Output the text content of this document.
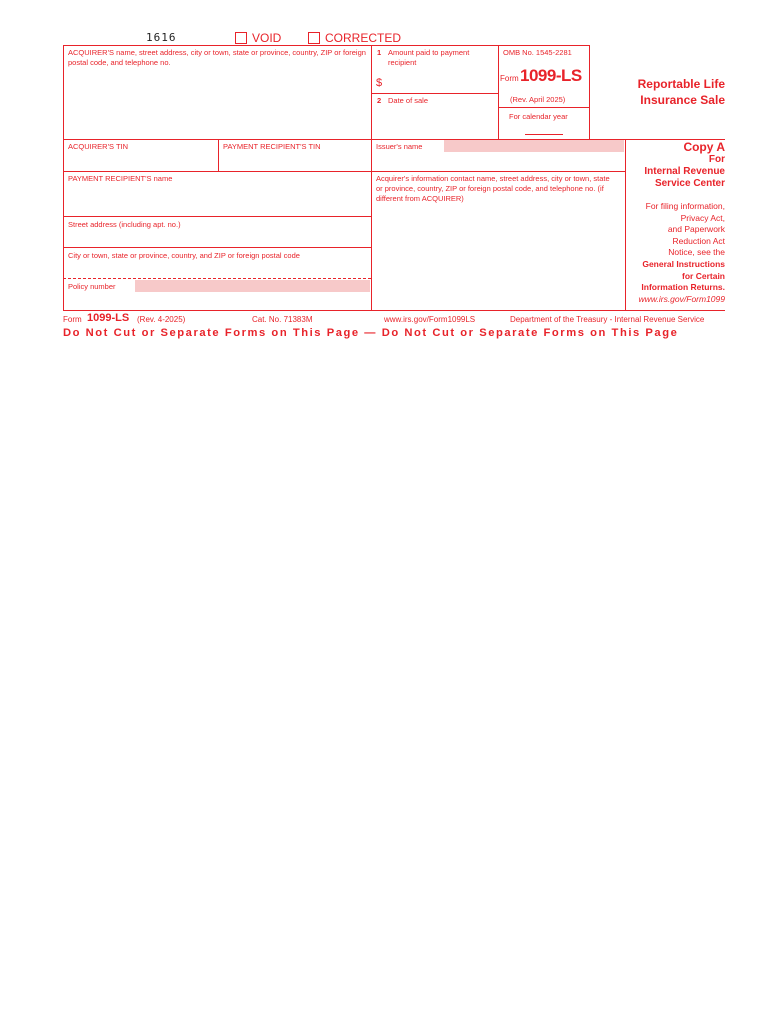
1616	VOID	CORRECTED
ACQUIRER'S name, street address, city or town, state or province, country, ZIP or foreign postal code, and telephone no.
1 Amount paid to payment recipient
$
2 Date of sale
OMB No. 1545-2281
Form 1099-LS
(Rev. April 2025)
For calendar year
Reportable Life
Insurance Sale
ACQUIRER'S TIN	PAYMENT RECIPIENT'S TIN	Issuer's name
PAYMENT RECIPIENT'S name	Acquirer's information contact name, street address, city or town, state or province, country, ZIP or foreign postal code, and telephone no. (if different from ACQUIRER)
Street address (including apt. no.)
City or town, state or province, country, and ZIP or foreign postal code
Policy number
Copy A
For
Internal Revenue
Service Center
For filing information,
Privacy Act,
and Paperwork
Reduction Act
Notice, see the
General Instructions
for Certain
Information Returns.
www.irs.gov/Form1099
Form 1099-LS (Rev. 4-2025)	Cat. No. 71383M	www.irs.gov/Form1099LS	Department of the Treasury - Internal Revenue Service
Do Not Cut or Separate Forms on This Page — Do Not Cut or Separate Forms on This Page
